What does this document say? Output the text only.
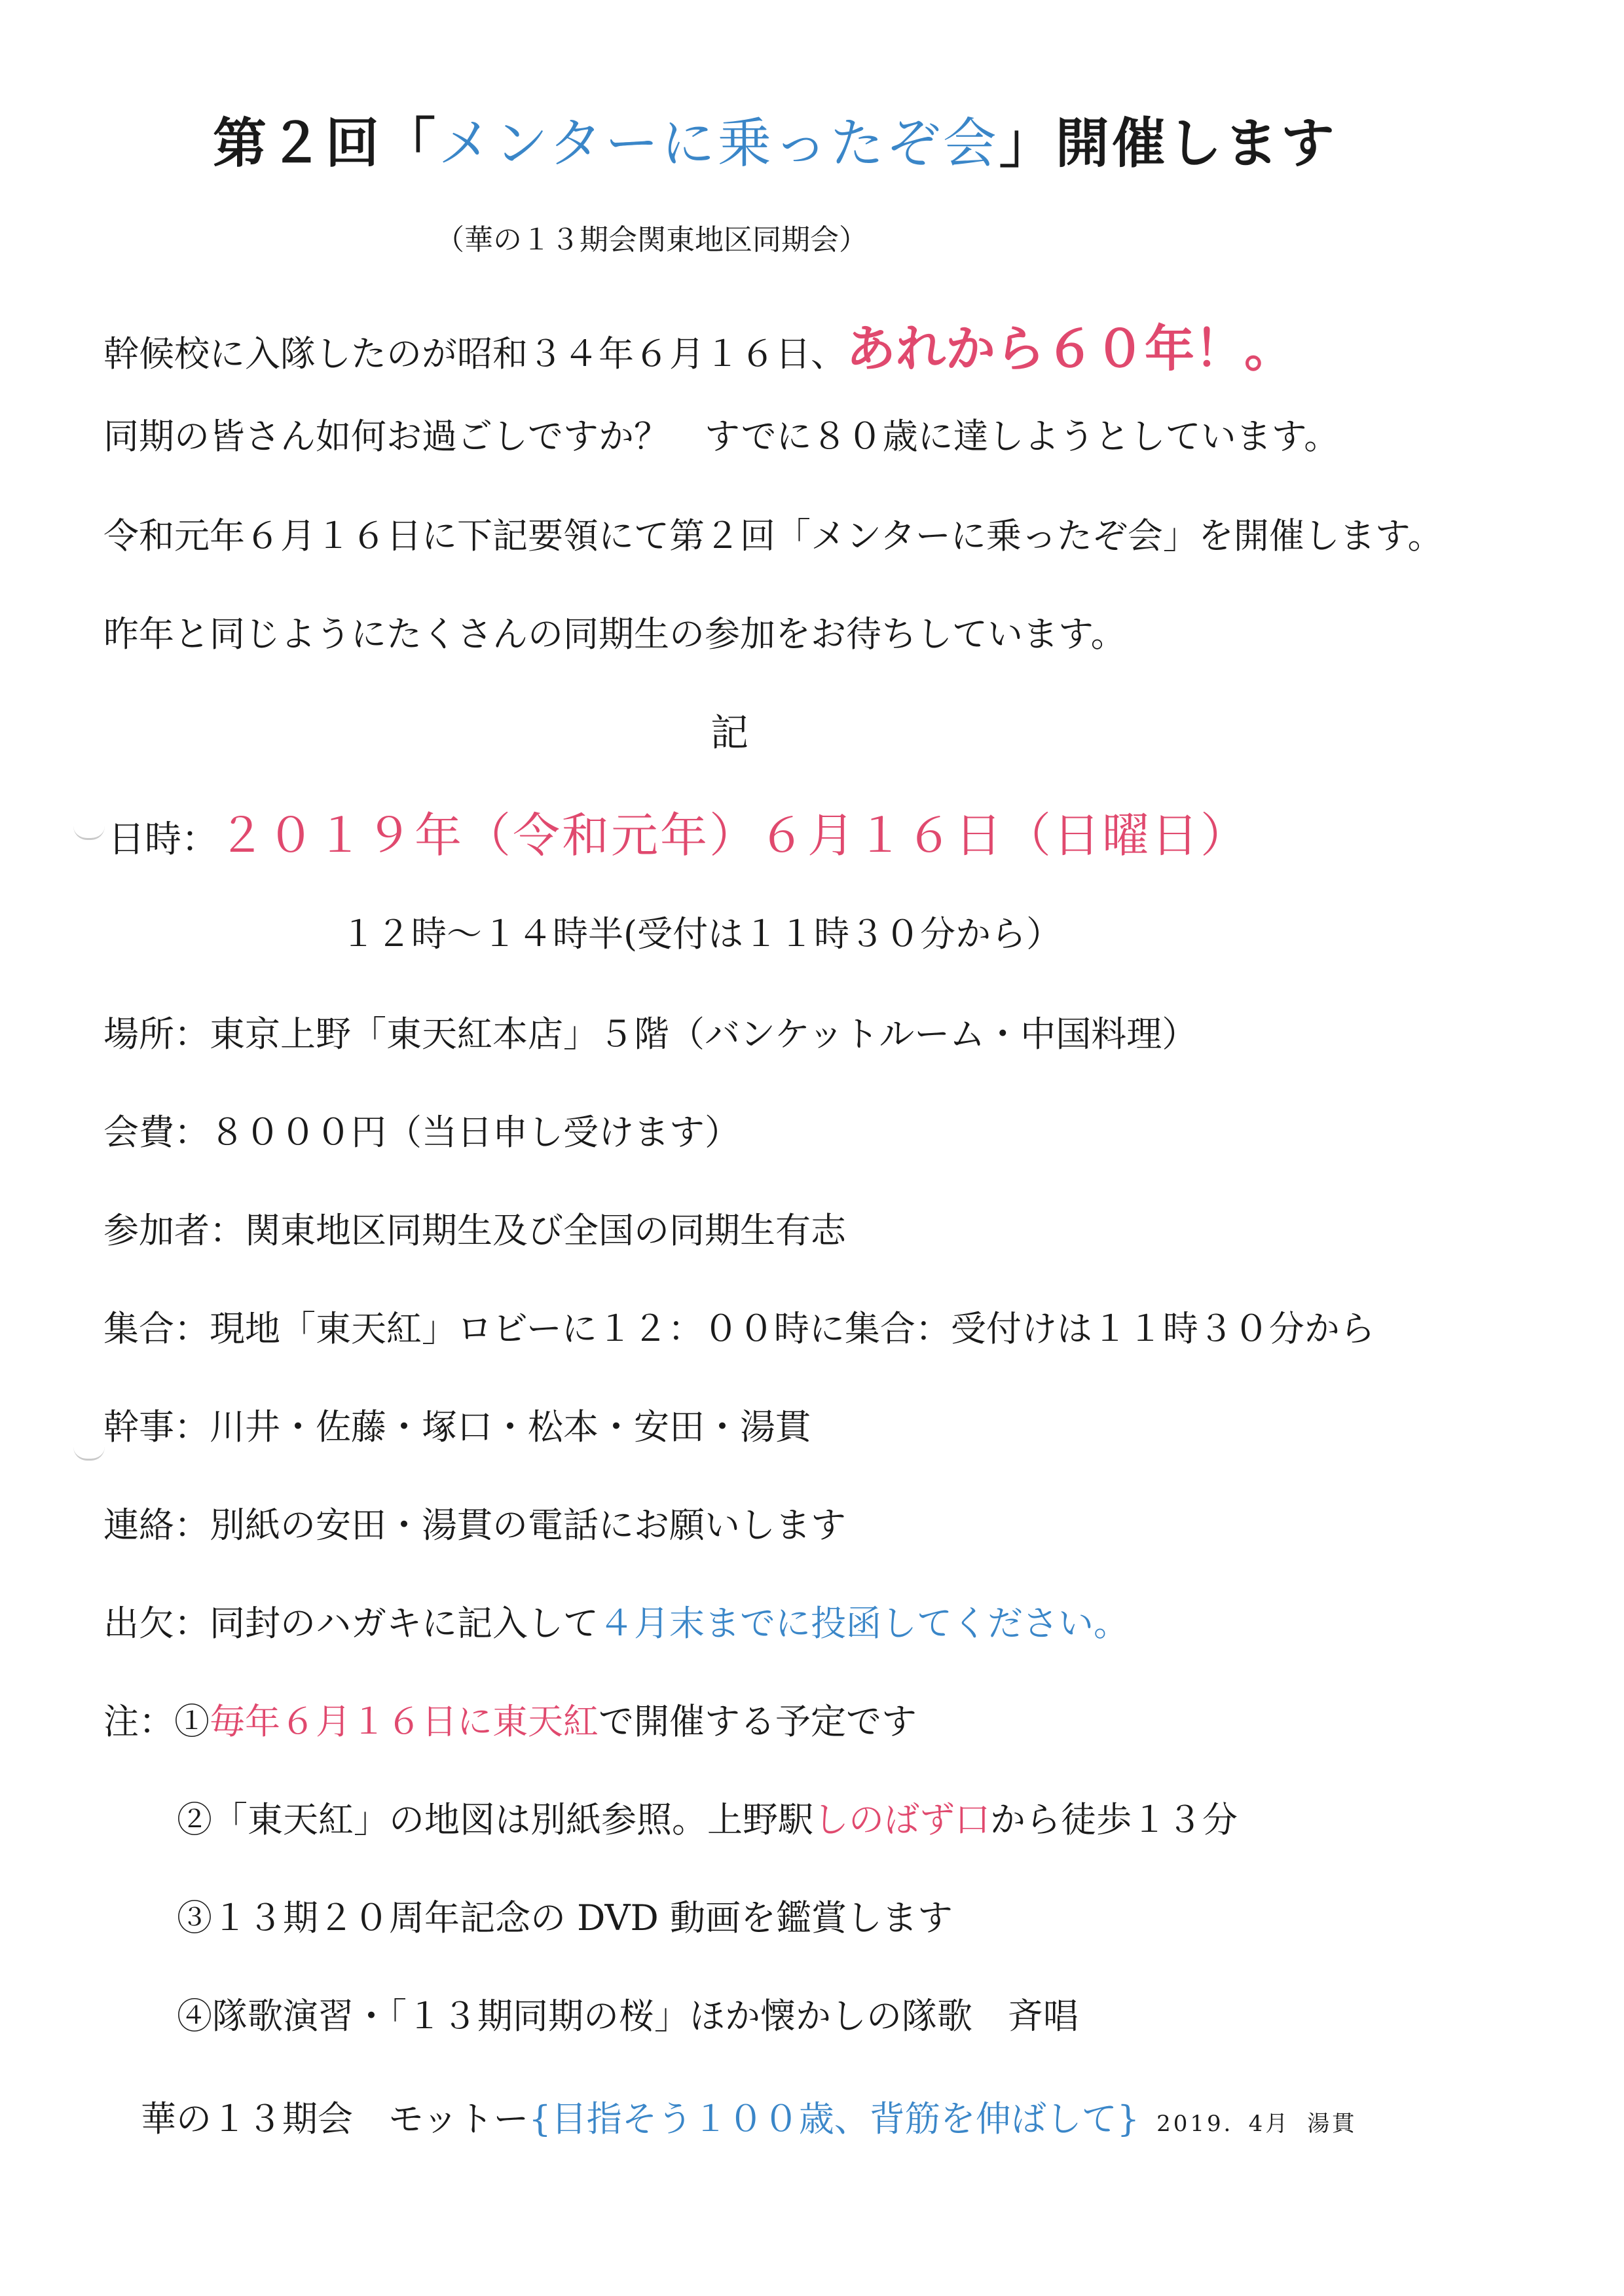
第２回「メンターに乗ったぞ会」開催します
（華の１３期会関東地区同期会）
幹候校に入隊したのが昭和３４年６月１６日、あれから６０年！。
同期の皆さん如何お過ごしですか？　すでに８０歳に達しようとしています。
令和元年６月１６日に下記要領にて第２回「メンターに乗ったぞ会」を開催します。
昨年と同じようにたくさんの同期生の参加をお待ちしています。
記
日時：２０１９年（令和元年）６月１６日（日曜日）
１２時～１４時半(受付は１１時３０分から）
場所：東京上野「東天紅本店」５階（バンケットルーム・中国料理）
会費：８０００円（当日申し受けます）
参加者：関東地区同期生及び全国の同期生有志
集合：現地「東天紅」ロビーに１２：００時に集合：受付けは１１時３０分から
幹事：川井・佐藤・塚口・松本・安田・湯貫
連絡：別紙の安田・湯貫の電話にお願いします
出欠：同封のハガキに記入して４月末までに投函してください。
注：①毎年６月１６日に東天紅で開催する予定です
②「東天紅」の地図は別紙参照。上野駅しのばず口から徒歩１３分
③１３期２０周年記念の DVD 動画を鑑賞します
④隊歌演習・「１３期同期の桜」ほか懐かしの隊歌　斉唱
華の１３期会 モットー{目指そう１００歳、背筋を伸ばして} 2019．4月 湯貫
